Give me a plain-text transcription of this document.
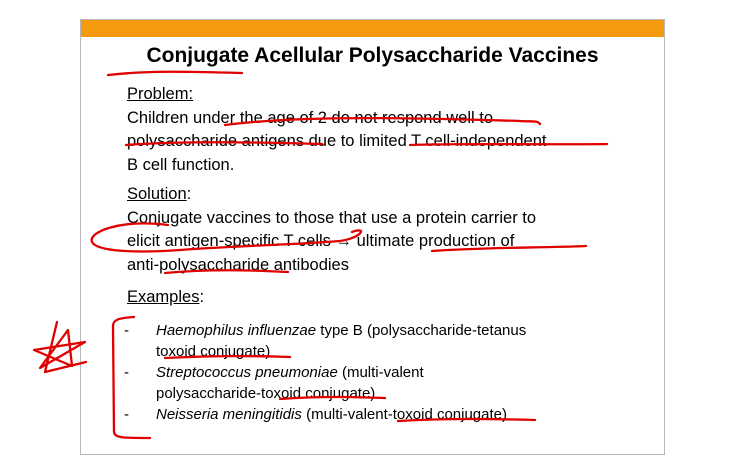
Conjugate Acellular Polysaccharide Vaccines
Problem:
Children under the age of 2 do not respond well to
polysaccharide antigens due to limited T cell-independent
B cell function.
Solution:
Conjugate vaccines to those that use a protein carrier to
elicit antigen-specific T cells → ultimate production of
anti-polysaccharide antibodies
Examples:
- Haemophilus influenzae type B (polysaccharide-tetanus
toxoid conjugate)
- Streptococcus pneumoniae (multi-valent
polysaccharide-toxoid conjugate)
- Neisseria meningitidis (multi-valent-toxoid conjugate)
